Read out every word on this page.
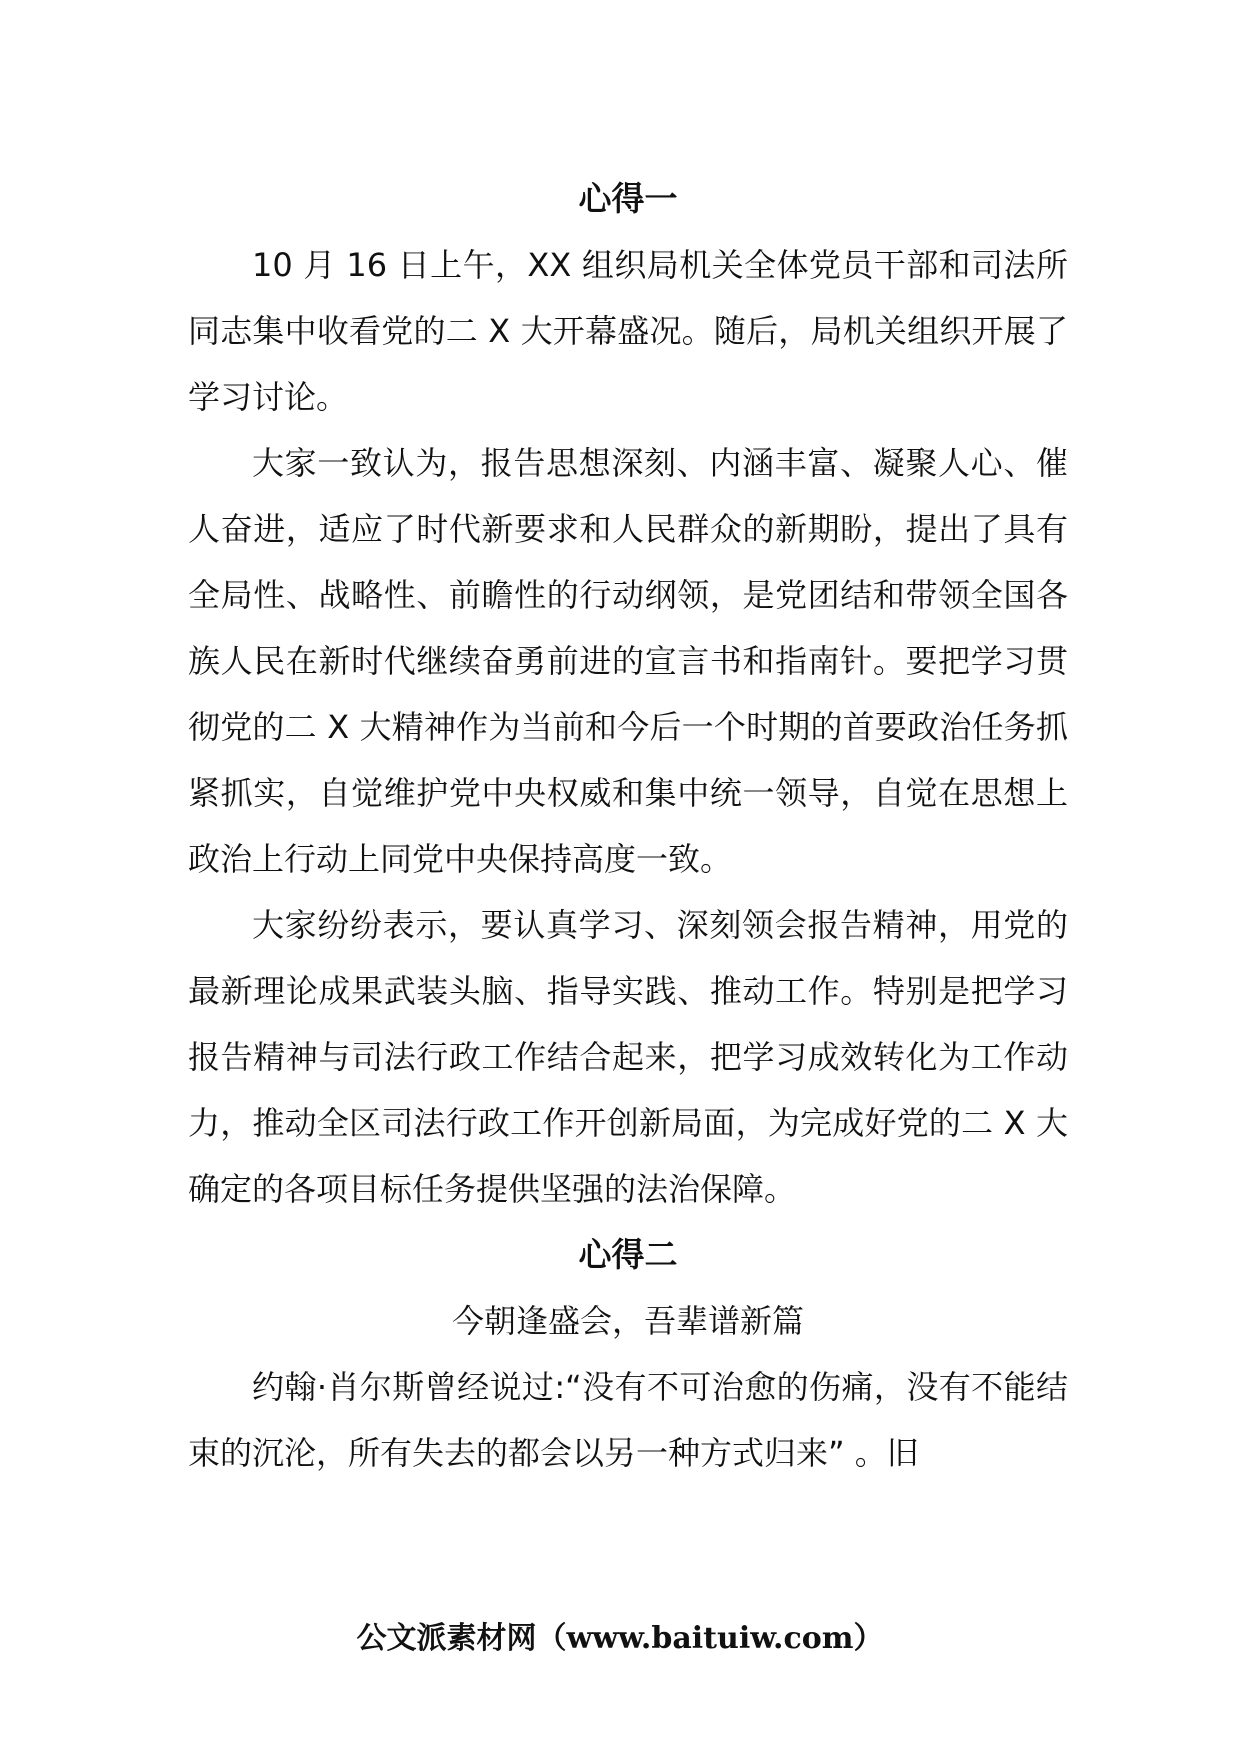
心得一

10 月 16 日上午，XX 组织局机关全体党员干部和司法所同志集中收看党的二 X 大开幕盛况。随后，局机关组织开展了学习讨论。

大家一致认为，报告思想深刻、内涵丰富、凝聚人心、催人奋进，适应了时代新要求和人民群众的新期盼，提出了具有全局性、战略性、前瞻性的行动纲领，是党团结和带领全国各族人民在新时代继续奋勇前进的宣言书和指南针。要把学习贯彻党的二 X 大精神作为当前和今后一个时期的首要政治任务抓紧抓实，自觉维护党中央权威和集中统一领导，自觉在思想上政治上行动上同党中央保持高度一致。

大家纷纷表示，要认真学习、深刻领会报告精神，用党的最新理论成果武装头脑、指导实践、推动工作。特别是把学习报告精神与司法行政工作结合起来，把学习成效转化为工作动力，推动全区司法行政工作开创新局面，为完成好党的二 X 大确定的各项目标任务提供坚强的法治保障。

心得二

今朝逢盛会，吾辈谱新篇

约翰·肖尔斯曾经说过:“没有不可治愈的伤痛，没有不能结束的沉沦，所有失去的都会以另一种方式归来” 。旧

公文派素材网（www.baituiw.com）
